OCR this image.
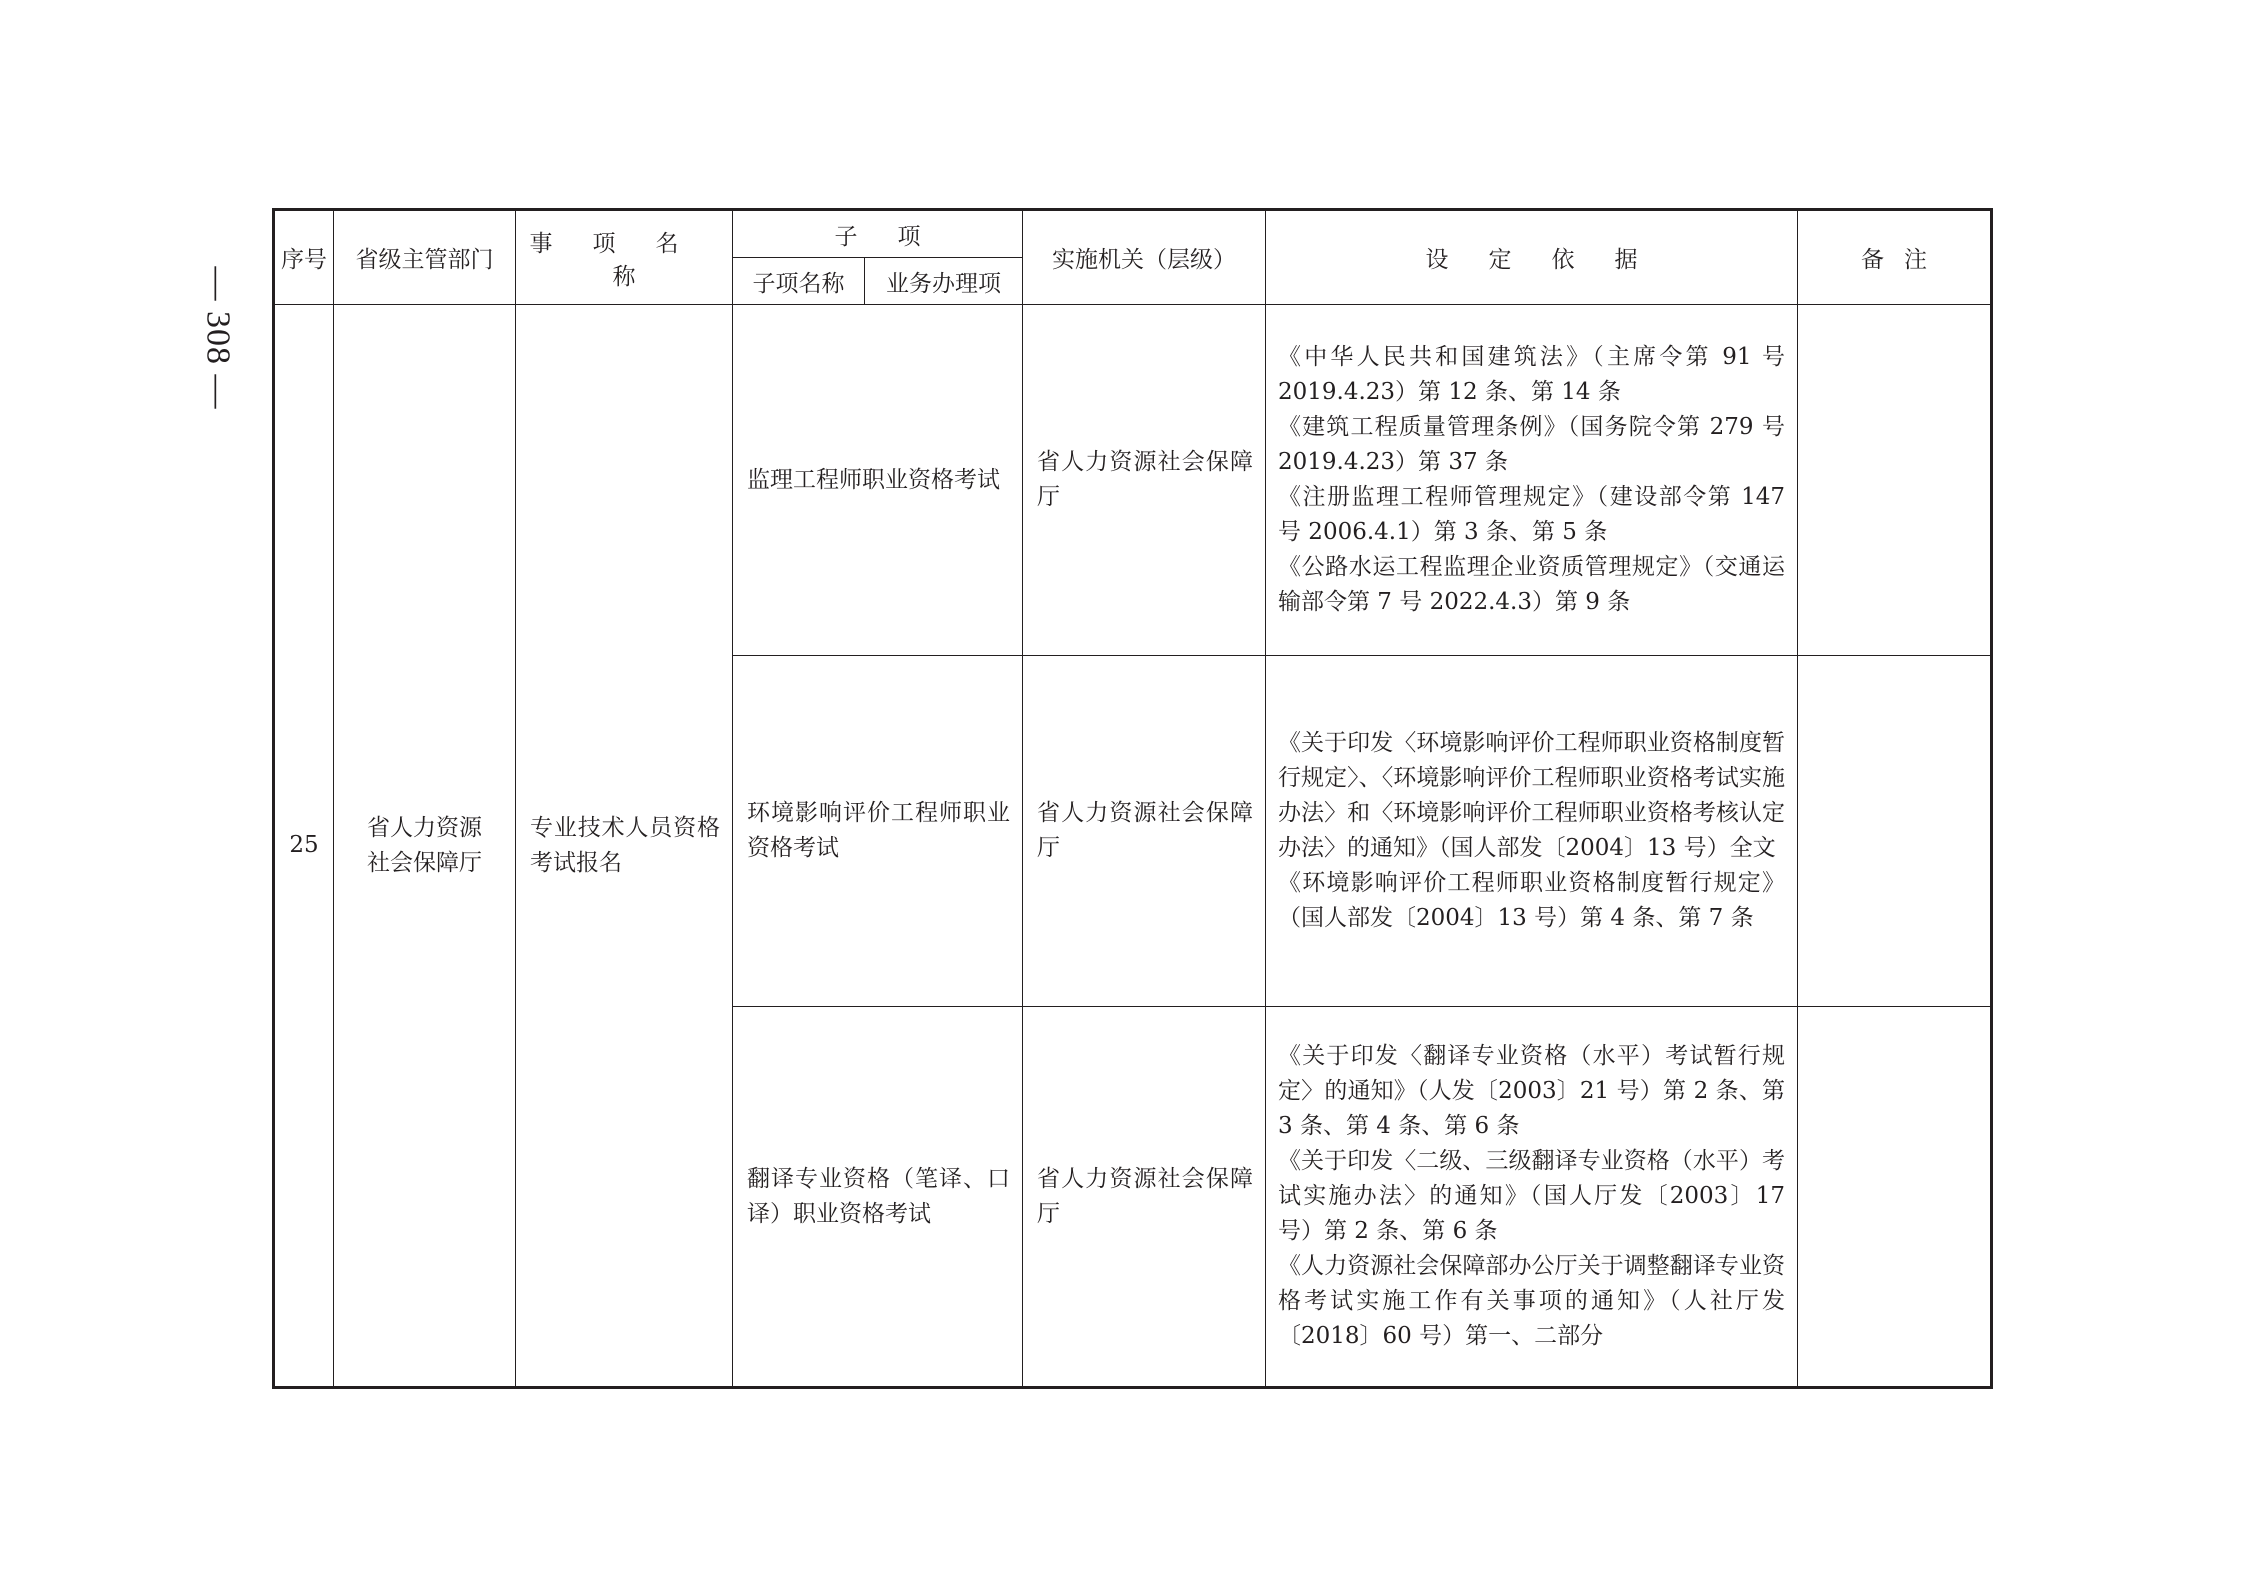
— 308 —
序号	省级主管部门	事项名称	子项		实施机关（层级）	设定依据	备注
			子项名称	业务办理项			
25	省人力资源社会保障厅	专业技术人员资格考试报名	监理工程师职业资格考试		省人力资源社会保障厅	《中华人民共和国建筑法》（主席令第 91 号 2019.4.23）第 12 条、第 14 条
《建筑工程质量管理条例》（国务院令第 279 号 2019.4.23）第 37 条
《注册监理工程师管理规定》（建设部令第 147 号 2006.4.1）第 3 条、第 5 条
《公路水运工程监理企业资质管理规定》（交通运输部令第 7 号 2022.4.3）第 9 条	

			环境影响评价工程师职业资格考试		省人力资源社会保障厅	《关于印发〈环境影响评价工程师职业资格制度暂行规定〉、〈环境影响评价工程师职业资格考试实施办法〉和〈环境影响评价工程师职业资格考核认定办法〉的通知》（国人部发〔2004〕13 号）全文
《环境影响评价工程师职业资格制度暂行规定》（国人部发〔2004〕13 号）第 4 条、第 7 条	

			翻译专业资格（笔译、口译）职业资格考试		省人力资源社会保障厅	《关于印发〈翻译专业资格（水平）考试暂行规定〉的通知》（人发〔2003〕21 号）第 2 条、第 3 条、第 4 条、第 6 条
《关于印发〈二级、三级翻译专业资格（水平）考试实施办法〉的通知》（国人厅发〔2003〕17 号）第 2 条、第 6 条
《人力资源社会保障部办公厅关于调整翻译专业资格考试实施工作有关事项的通知》（人社厅发〔2018〕60 号）第一、二部分	
